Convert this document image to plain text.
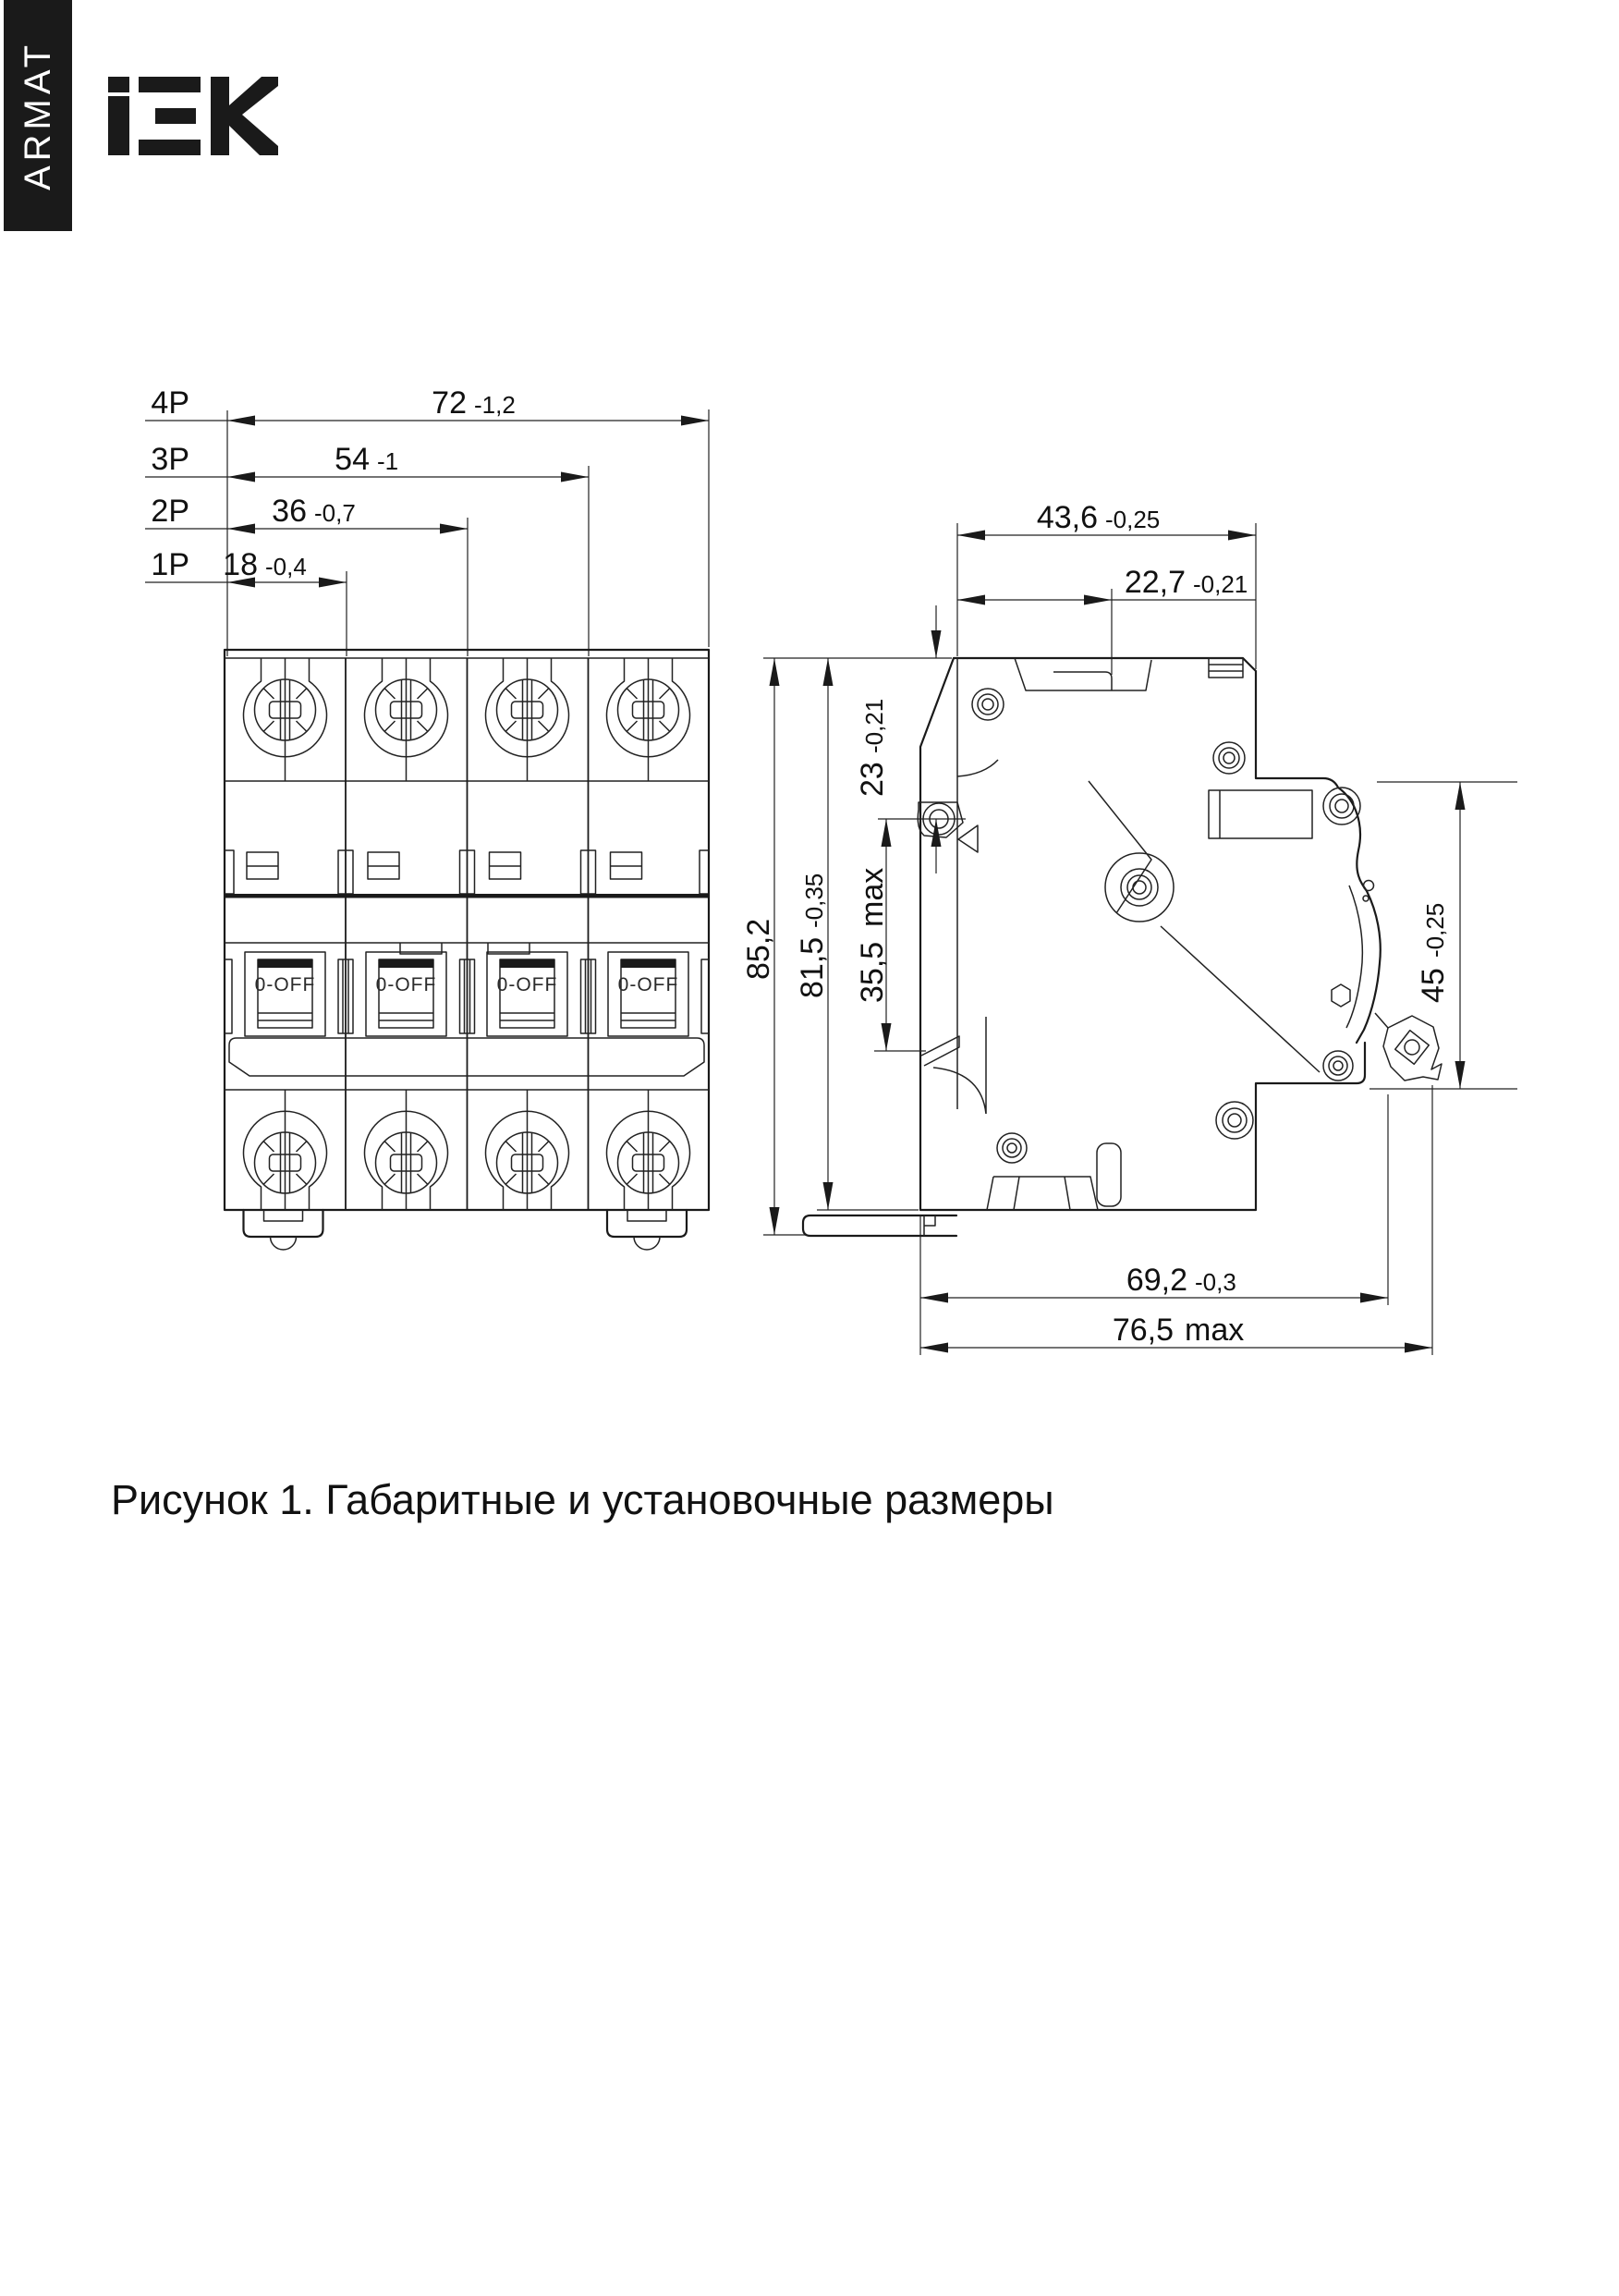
ARMAT
4P	72 -1,2
3P	54 -1
2P	36 -0,7
1P 18 -0,4
0-OFF	0-OFF	0-OFF	0-OFF
43,6 -0,25
22,7 -0,21
85,2 81,5
-0,35
23
-0,21
35,5
max
45
-0,25
69,2 -0,3
76,5 max
Рисунок 1. Габаритные и установочные размеры
